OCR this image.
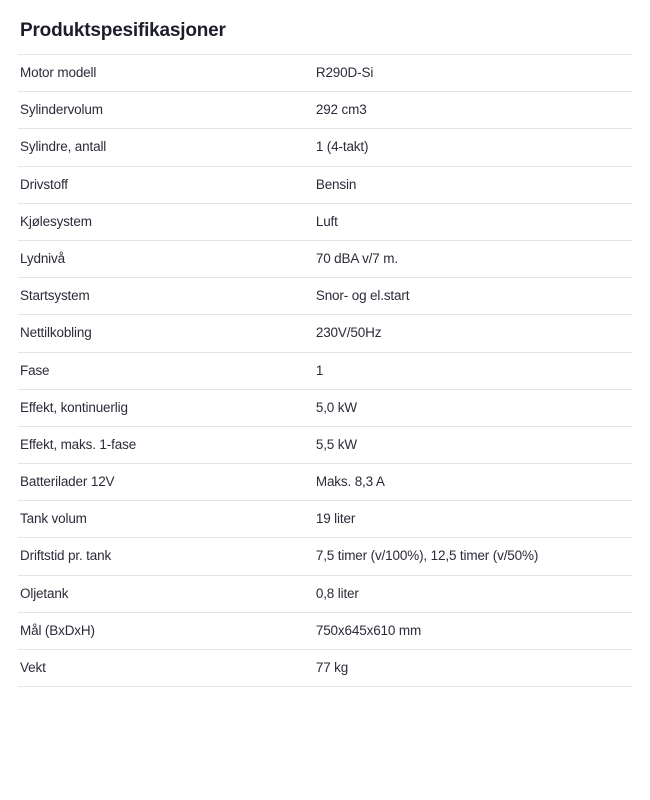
Produktspesifikasjoner
Motor modell	R290D-Si
Sylindervolum	292 cm3
Sylindre, antall	1 (4-takt)
Drivstoff	Bensin
Kjølesystem	Luft
Lydnivå	70 dBA v/7 m.
Startsystem	Snor- og el.start
Nettilkobling	230V/50Hz
Fase	1
Effekt, kontinuerlig	5,0 kW
Effekt, maks. 1-fase	5,5 kW
Batterilader 12V	Maks. 8,3 A
Tank volum	19 liter
Driftstid pr. tank	7,5 timer (v/100%), 12,5 timer (v/50%)
Oljetank	0,8 liter
Mål (BxDxH)	750x645x610 mm
Vekt	77 kg
